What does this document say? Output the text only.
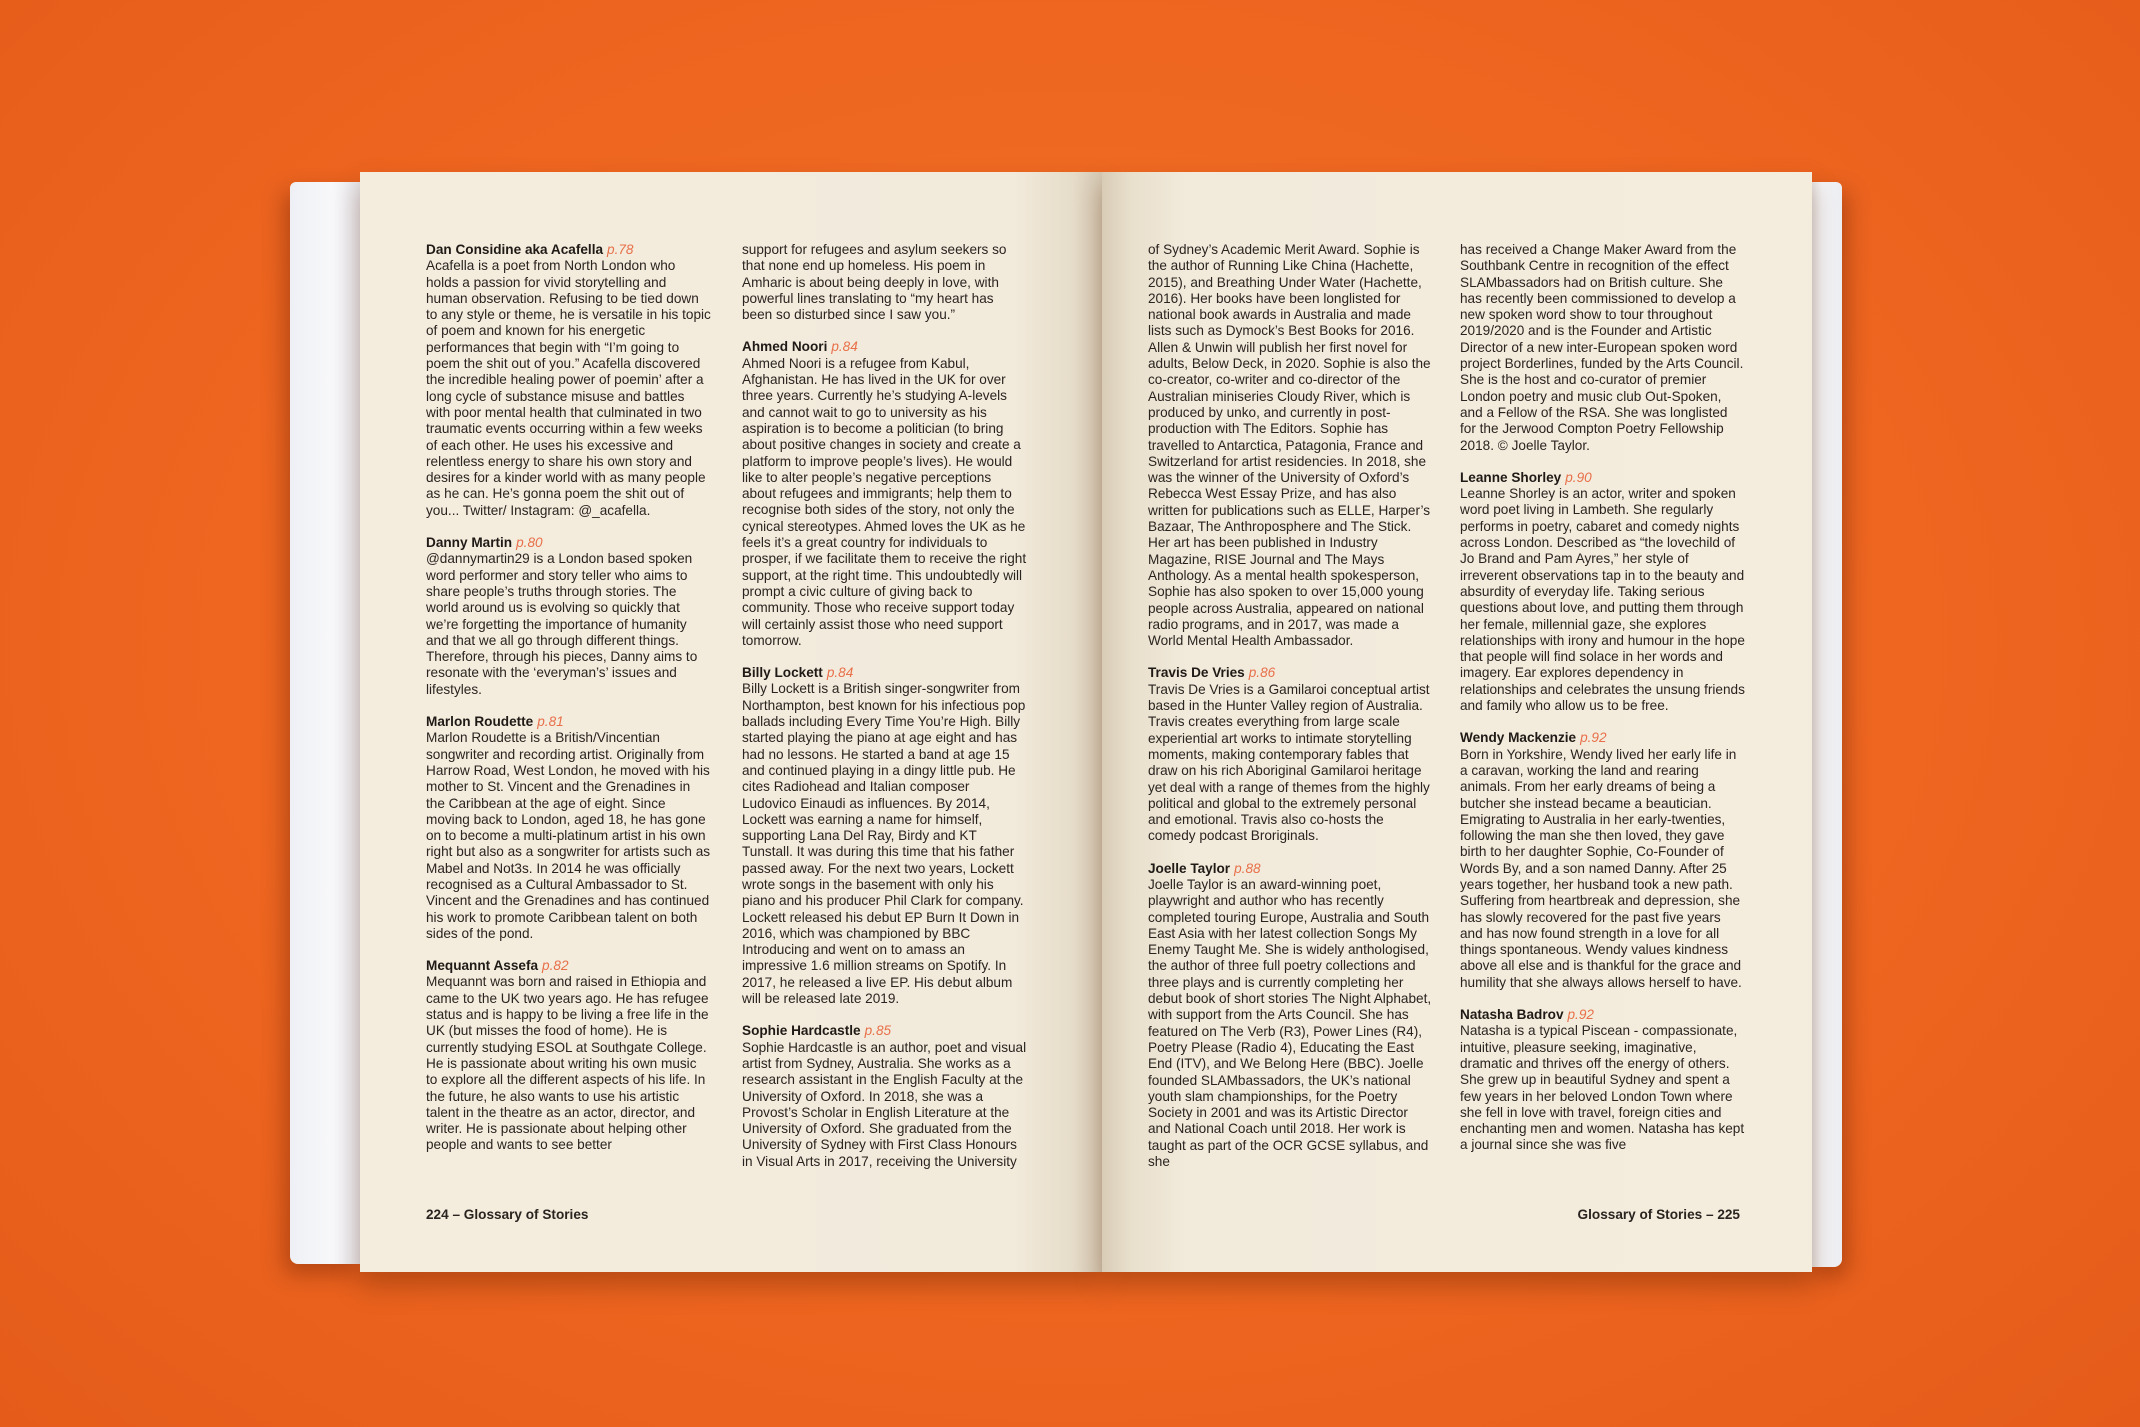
Dan Considine aka Acafella p.78
Acafella is a poet from North London who holds a passion for vivid storytelling and human observation. Refusing to be tied down to any style or theme, he is versatile in his topic of poem and known for his energetic performances that begin with “I’m going to poem the shit out of you.” Acafella discovered the incredible healing power of poemin’ after a long cycle of substance misuse and battles with poor mental health that culminated in two traumatic events occurring within a few weeks of each other. He uses his excessive and relentless energy to share his own story and desires for a kinder world with as many people as he can. He’s gonna poem the shit out of you... Twitter/ Instagram: @_acafella.
Danny Martin p.80
@dannymartin29 is a London based spoken word performer and story teller who aims to share people’s truths through stories. The world around us is evolving so quickly that we’re forgetting the importance of humanity and that we all go through different things. Therefore, through his pieces, Danny aims to resonate with the ‘everyman’s’ issues and lifestyles.
Marlon Roudette p.81
Marlon Roudette is a British/Vincentian songwriter and recording artist. Originally from Harrow Road, West London, he moved with his mother to St. Vincent and the Grenadines in the Caribbean at the age of eight. Since moving back to London, aged 18, he has gone on to become a multi-platinum artist in his own right but also as a songwriter for artists such as Mabel and Not3s. In 2014 he was officially recognised as a Cultural Ambassador to St. Vincent and the Grenadines and has continued his work to promote Caribbean talent on both sides of the pond.
Mequannt Assefa p.82
Mequannt was born and raised in Ethiopia and came to the UK two years ago. He has refugee status and is happy to be living a free life in the UK (but misses the food of home). He is currently studying ESOL at Southgate College. He is passionate about writing his own music to explore all the different aspects of his life. In the future, he also wants to use his artistic talent in the theatre as an actor, director, and writer. He is passionate about helping other people and wants to see better
support for refugees and asylum seekers so that none end up homeless. His poem in Amharic is about being deeply in love, with powerful lines translating to “my heart has been so disturbed since I saw you.”
Ahmed Noori p.84
Ahmed Noori is a refugee from Kabul, Afghanistan. He has lived in the UK for over three years. Currently he’s studying A-levels and cannot wait to go to university as his aspiration is to become a politician (to bring about positive changes in society and create a platform to improve people’s lives). He would like to alter people’s negative perceptions about refugees and immigrants; help them to recognise both sides of the story, not only the cynical stereotypes. Ahmed loves the UK as he feels it’s a great country for individuals to prosper, if we facilitate them to receive the right support, at the right time. This undoubtedly will prompt a civic culture of giving back to community. Those who receive support today will certainly assist those who need support tomorrow.
Billy Lockett p.84
Billy Lockett is a British singer-songwriter from Northampton, best known for his infectious pop ballads including Every Time You’re High. Billy started playing the piano at age eight and has had no lessons. He started a band at age 15 and continued playing in a dingy little pub. He cites Radiohead and Italian composer Ludovico Einaudi as influences. By 2014, Lockett was earning a name for himself, supporting Lana Del Ray, Birdy and KT Tunstall. It was during this time that his father passed away. For the next two years, Lockett wrote songs in the basement with only his piano and his producer Phil Clark for company. Lockett released his debut EP Burn It Down in 2016, which was championed by BBC Introducing and went on to amass an impressive 1.6 million streams on Spotify. In 2017, he released a live EP. His debut album will be released late 2019.
Sophie Hardcastle p.85
Sophie Hardcastle is an author, poet and visual artist from Sydney, Australia. She works as a research assistant in the English Faculty at the University of Oxford. In 2018, she was a Provost’s Scholar in English Literature at the University of Oxford. She graduated from the University of Sydney with First Class Honours in Visual Arts in 2017, receiving the University
224 – Glossary of Stories
of Sydney’s Academic Merit Award. Sophie is the author of Running Like China (Hachette, 2015), and Breathing Under Water (Hachette, 2016). Her books have been longlisted for national book awards in Australia and made lists such as Dymock’s Best Books for 2016. Allen & Unwin will publish her first novel for adults, Below Deck, in 2020. Sophie is also the co-creator, co-writer and co-director of the Australian miniseries Cloudy River, which is produced by unko, and currently in post-production with The Editors. Sophie has travelled to Antarctica, Patagonia, France and Switzerland for artist residencies. In 2018, she was the winner of the University of Oxford’s Rebecca West Essay Prize, and has also written for publications such as ELLE, Harper’s Bazaar, The Anthroposphere and The Stick. Her art has been published in Industry Magazine, RISE Journal and The Mays Anthology. As a mental health spokesperson, Sophie has also spoken to over 15,000 young people across Australia, appeared on national radio programs, and in 2017, was made a World Mental Health Ambassador.
Travis De Vries p.86
Travis De Vries is a Gamilaroi conceptual artist based in the Hunter Valley region of Australia. Travis creates everything from large scale experiential art works to intimate storytelling moments, making contemporary fables that draw on his rich Aboriginal Gamilaroi heritage yet deal with a range of themes from the highly political and global to the extremely personal and emotional. Travis also co-hosts the comedy podcast Broriginals.
Joelle Taylor p.88
Joelle Taylor is an award-winning poet, playwright and author who has recently completed touring Europe, Australia and South East Asia with her latest collection Songs My Enemy Taught Me. She is widely anthologised, the author of three full poetry collections and three plays and is currently completing her debut book of short stories The Night Alphabet, with support from the Arts Council. She has featured on The Verb (R3), Power Lines (R4), Poetry Please (Radio 4), Educating the East End (ITV), and We Belong Here (BBC). Joelle founded SLAMbassadors, the UK’s national youth slam championships, for the Poetry Society in 2001 and was its Artistic Director and National Coach until 2018. Her work is taught as part of the OCR GCSE syllabus, and she
has received a Change Maker Award from the Southbank Centre in recognition of the effect SLAMbassadors had on British culture. She has recently been commissioned to develop a new spoken word show to tour throughout 2019/2020 and is the Founder and Artistic Director of a new inter-European spoken word project Borderlines, funded by the Arts Council. She is the host and co-curator of premier London poetry and music club Out-Spoken, and a Fellow of the RSA. She was longlisted for the Jerwood Compton Poetry Fellowship 2018. © Joelle Taylor.
Leanne Shorley p.90
Leanne Shorley is an actor, writer and spoken word poet living in Lambeth. She regularly performs in poetry, cabaret and comedy nights across London. Described as “the lovechild of Jo Brand and Pam Ayres,” her style of irreverent observations tap in to the beauty and absurdity of everyday life. Taking serious questions about love, and putting them through her female, millennial gaze, she explores relationships with irony and humour in the hope that people will find solace in her words and imagery. Ear explores dependency in relationships and celebrates the unsung friends and family who allow us to be free.
Wendy Mackenzie p.92
Born in Yorkshire, Wendy lived her early life in a caravan, working the land and rearing animals. From her early dreams of being a butcher she instead became a beautician. Emigrating to Australia in her early-twenties, following the man she then loved, they gave birth to her daughter Sophie, Co-Founder of Words By, and a son named Danny. After 25 years together, her husband took a new path. Suffering from heartbreak and depression, she has slowly recovered for the past five years and has now found strength in a love for all things spontaneous. Wendy values kindness above all else and is thankful for the grace and humility that she always allows herself to have.
Natasha Badrov p.92
Natasha is a typical Piscean - compassionate, intuitive, pleasure seeking, imaginative, dramatic and thrives off the energy of others. She grew up in beautiful Sydney and spent a few years in her beloved London Town where she fell in love with travel, foreign cities and enchanting men and women. Natasha has kept a journal since she was five
Glossary of Stories – 225
